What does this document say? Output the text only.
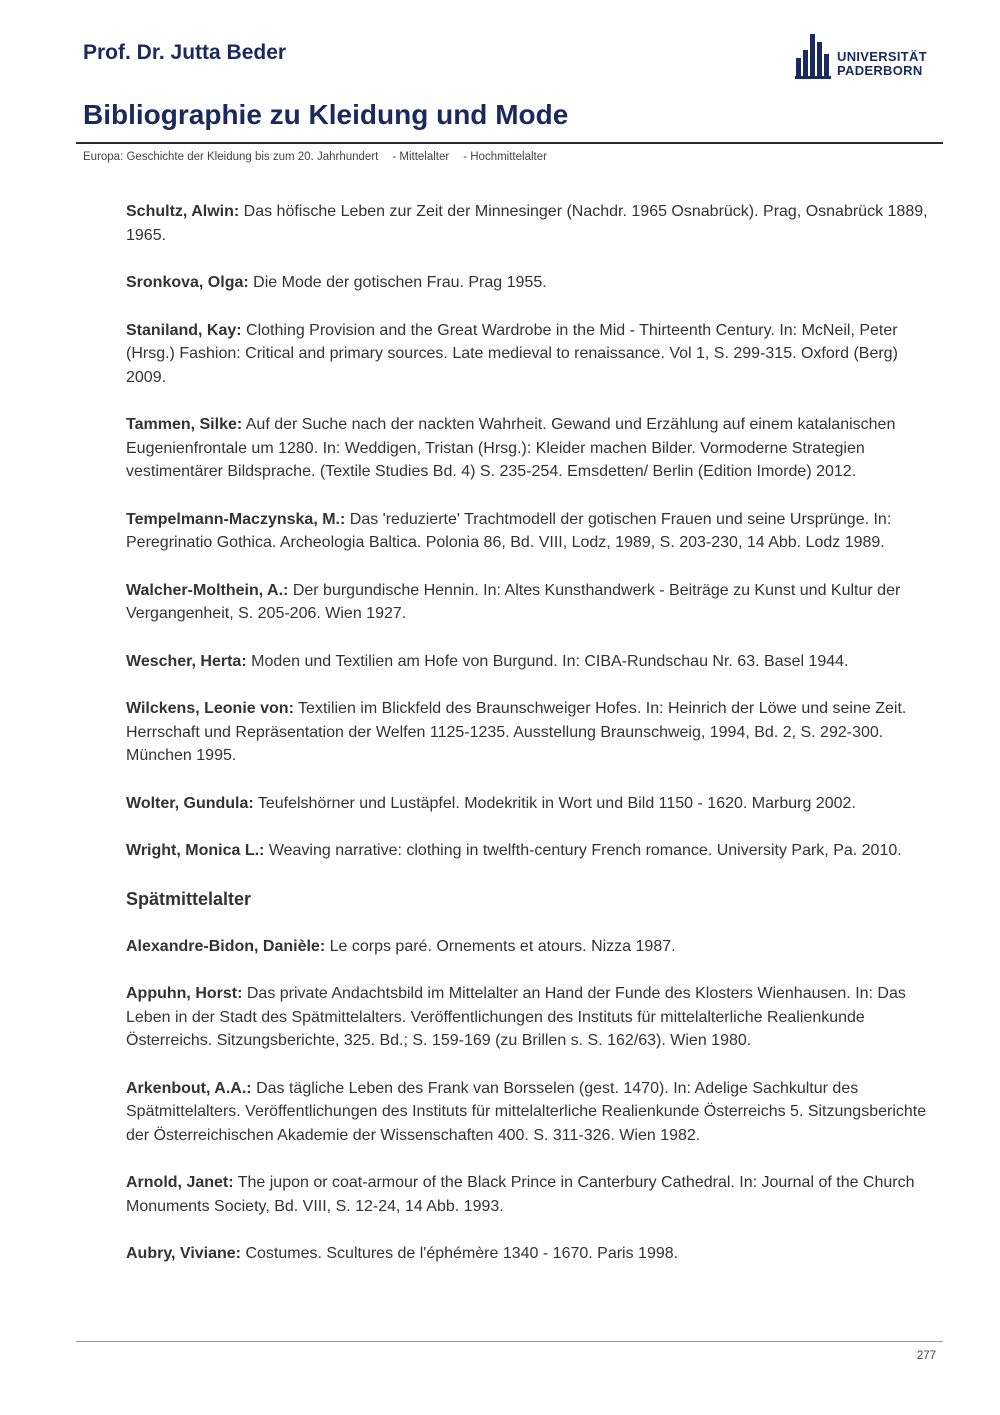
Prof. Dr. Jutta Beder	UNIVERSITÄT
PADERBORN
Bibliographie zu Kleidung und Mode
Europa: Geschichte der Kleidung bis zum 20. Jahrhundert - Mittelalter - Hochmittelalter

Schultz, Alwin: Das höfische Leben zur Zeit der Minnesinger (Nachdr. 1965 Osnabrück). Prag, Osnabrück 1889, 1965.

Sronkova, Olga: Die Mode der gotischen Frau. Prag 1955.

Staniland, Kay: Clothing Provision and the Great Wardrobe in the Mid - Thirteenth Century. In: McNeil, Peter (Hrsg.) Fashion: Critical and primary sources. Late medieval to renaissance. Vol 1, S. 299-315. Oxford (Berg) 2009.

Tammen, Silke: Auf der Suche nach der nackten Wahrheit. Gewand und Erzählung auf einem katalanischen Eugenienfrontale um 1280. In: Weddigen, Tristan (Hrsg.): Kleider machen Bilder. Vormoderne Strategien vestimentärer Bildsprache. (Textile Studies Bd. 4) S. 235-254. Emsdetten/ Berlin (Edition Imorde) 2012.

Tempelmann-Maczynska, M.: Das 'reduzierte' Trachtmodell der gotischen Frauen und seine Ursprünge. In: Peregrinatio Gothica. Archeologia Baltica. Polonia 86, Bd. VIII, Lodz, 1989, S. 203-230, 14 Abb. Lodz 1989.

Walcher-Molthein, A.: Der burgundische Hennin. In: Altes Kunsthandwerk - Beiträge zu Kunst und Kultur der Vergangenheit, S. 205-206. Wien 1927.

Wescher, Herta: Moden und Textilien am Hofe von Burgund. In: CIBA-Rundschau Nr. 63. Basel 1944.

Wilckens, Leonie von: Textilien im Blickfeld des Braunschweiger Hofes. In: Heinrich der Löwe und seine Zeit. Herrschaft und Repräsentation der Welfen 1125-1235. Ausstellung Braunschweig, 1994, Bd. 2, S. 292-300. München 1995.

Wolter, Gundula: Teufelshörner und Lustäpfel. Modekritik in Wort und Bild 1150 - 1620. Marburg 2002.

Wright, Monica L.: Weaving narrative: clothing in twelfth-century French romance. University Park, Pa. 2010.

Spätmittelalter

Alexandre-Bidon, Danièle: Le corps paré. Ornements et atours. Nizza 1987.

Appuhn, Horst: Das private Andachtsbild im Mittelalter an Hand der Funde des Klosters Wienhausen. In: Das Leben in der Stadt des Spätmittelalters. Veröffentlichungen des Instituts für mittelalterliche Realienkunde Österreichs. Sitzungsberichte, 325. Bd.; S. 159-169 (zu Brillen s. S. 162/63). Wien 1980.

Arkenbout, A.A.: Das tägliche Leben des Frank van Borsselen (gest. 1470). In: Adelige Sachkultur des Spätmittelalters. Veröffentlichungen des Instituts für mittelalterliche Realienkunde Österreichs 5. Sitzungsberichte der Österreichischen Akademie der Wissenschaften 400. S. 311-326. Wien 1982.

Arnold, Janet: The jupon or coat-armour of the Black Prince in Canterbury Cathedral. In: Journal of the Church Monuments Society, Bd. VIII, S. 12-24, 14 Abb. 1993.

Aubry, Viviane: Costumes. Scultures de l'éphémère 1340 - 1670. Paris 1998.

277
